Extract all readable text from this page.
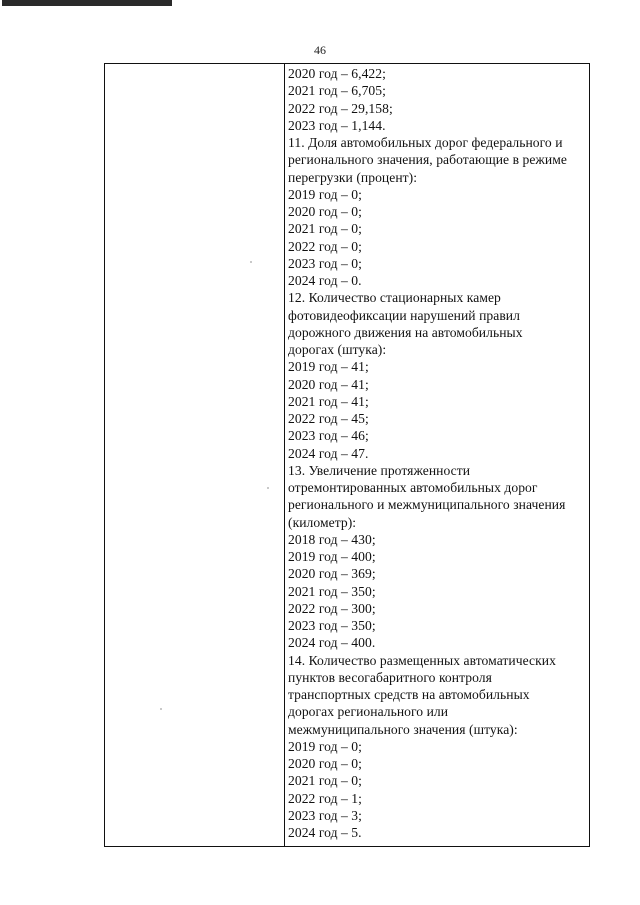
46
2020 год – 6,422;
2021 год – 6,705;
2022 год – 29,158;
2023 год – 1,144.
11. Доля автомобильных дорог федерального и
регионального значения, работающие в режиме
перегрузки (процент):
2019 год – 0;
2020 год – 0;
2021 год – 0;
2022 год – 0;
2023 год – 0;
2024 год – 0.
12. Количество стационарных камер
фотовидеофиксации нарушений правил
дорожного движения на автомобильных
дорогах (штука):
2019 год – 41;
2020 год – 41;
2021 год – 41;
2022 год – 45;
2023 год – 46;
2024 год – 47.
13. Увеличение протяженности
отремонтированных автомобильных дорог
регионального и межмуниципального значения
(километр):
2018 год – 430;
2019 год – 400;
2020 год – 369;
2021 год – 350;
2022 год – 300;
2023 год – 350;
2024 год – 400.
14. Количество размещенных автоматических
пунктов весогабаритного контроля
транспортных средств на автомобильных
дорогах регионального или
межмуниципального значения (штука):
2019 год – 0;
2020 год – 0;
2021 год – 0;
2022 год – 1;
2023 год – 3;
2024 год – 5.
